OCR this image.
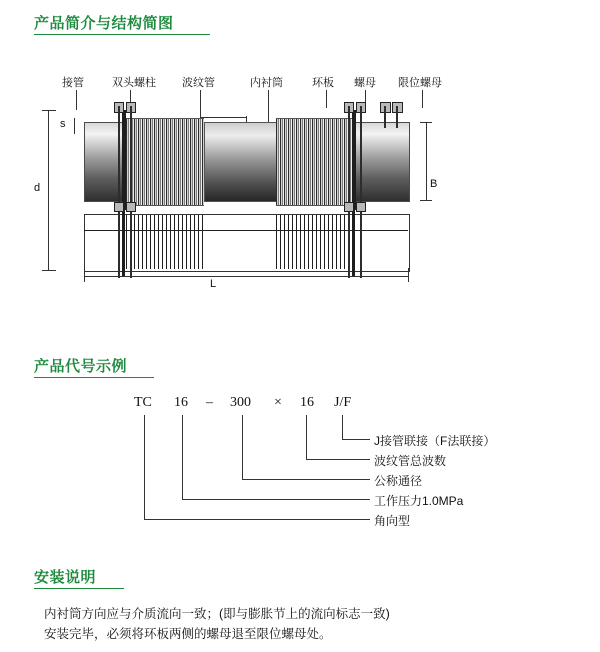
产品简介与结构简图
接管	双头螺柱 波纹管	内衬筒	环板 螺母 限位螺母
s
d	B
L
产品代号示例
TC 16 – 300 × 16 J/F
J接管联接（F法联接）
波纹管总波数
公称通径
工作压力1.0MPa
角向型
安装说明
内衬筒方向应与介质流向一致；(即与膨胀节上的流向标志一致)
安装完毕，必须将环板两侧的螺母退至限位螺母处。
